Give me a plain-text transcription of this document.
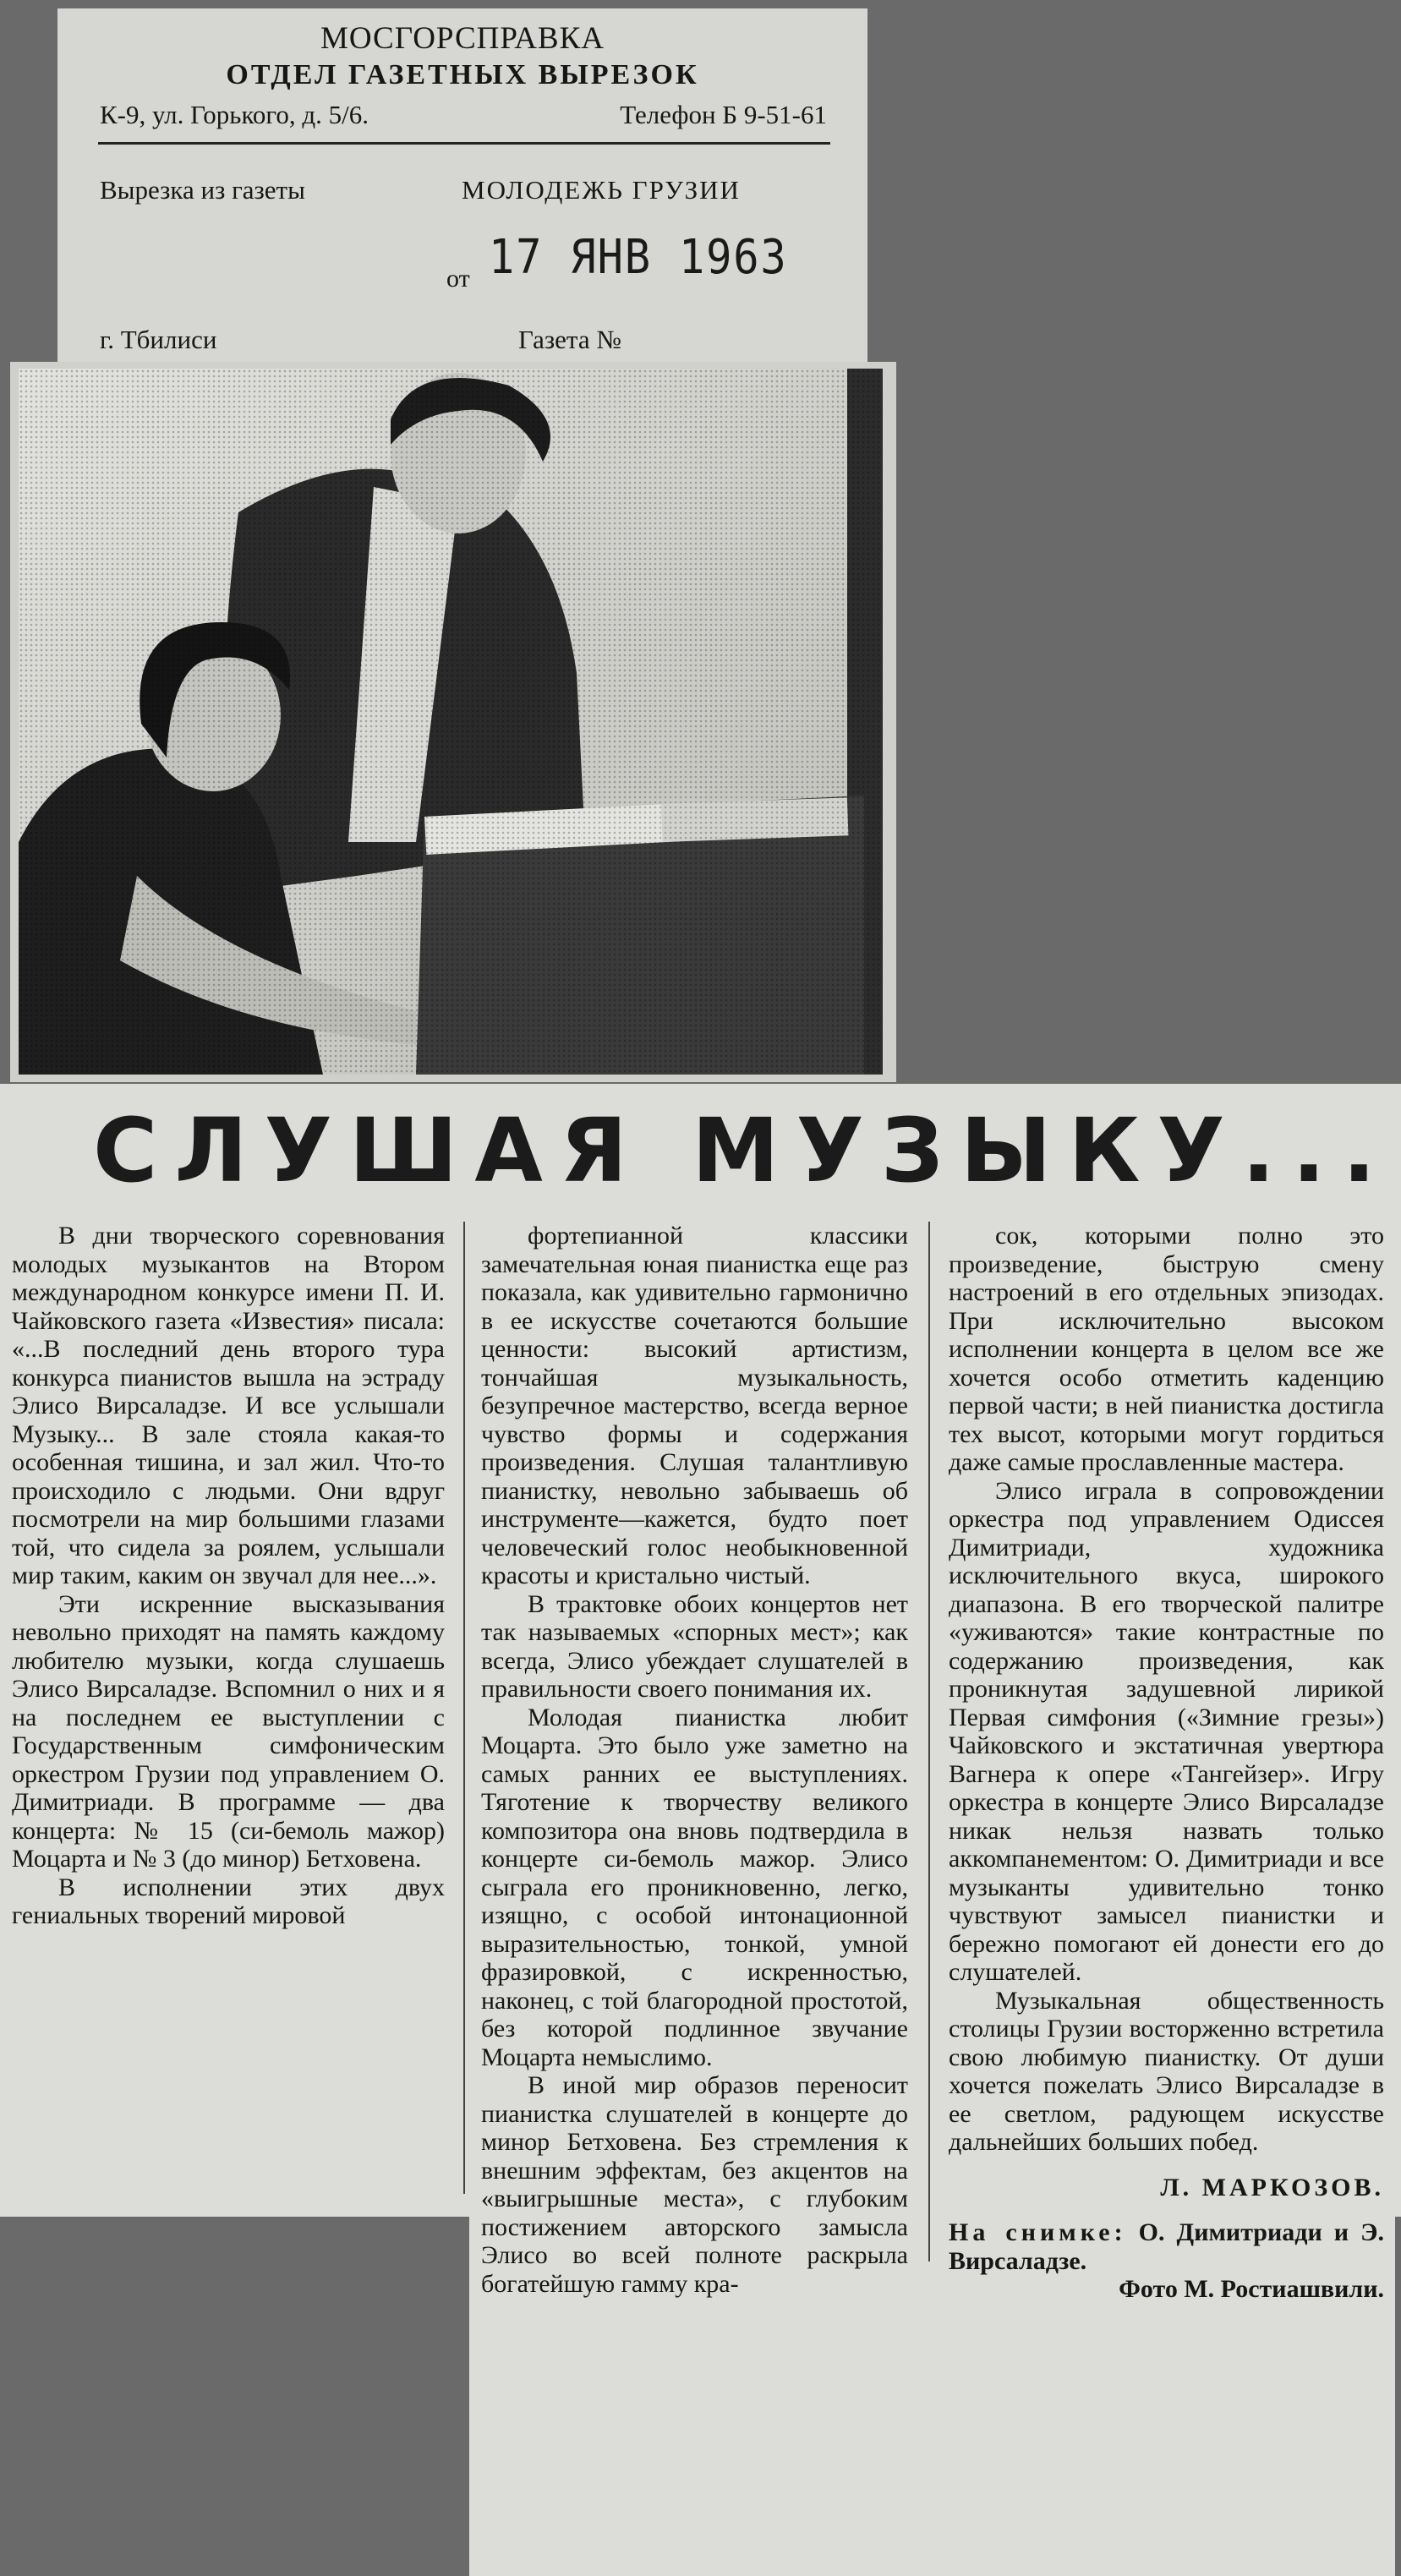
МОСГОРСПРАВКА
ОТДЕЛ ГАЗЕТНЫХ ВЫРЕЗОК
К-9, ул. Горького, д. 5/6.	Телефон Б 9-51-61
Вырезка из газеты	МОЛОДЕЖЬ ГРУЗИИ
от 17 ЯНВ 1963
г. Тбилиси	Газета №
СЛУШАЯ МУЗЫКУ...

В дни творческого соревнования молодых музыкантов на Втором международном конкурсе имени П. И. Чайковского газета «Известия» писала: «...В последний день второго тура конкурса пианистов вышла на эстраду Элисо Вирсаладзе. И все услышали Музыку... В зале стояла какая-то особенная тишина, и зал жил. Что-то происходило с людьми. Они вдруг посмотрели на мир большими глазами той, что сидела за роялем, услышали мир таким, каким он звучал для нее...».

Эти искренние высказывания невольно приходят на память каждому любителю музыки, когда слушаешь Элисо Вирсаладзе. Вспомнил о них и я на последнем ее выступлении с Государственным симфоническим оркестром Грузии под управлением О. Димитриади. В программе — два концерта: № 15 (си-бемоль мажор) Моцарта и № 3 (до минор) Бетховена.

В исполнении этих двух гениальных творений мировой

фортепианной классики замечательная юная пианистка еще раз показала, как удивительно гармонично в ее искусстве сочетаются большие ценности: высокий артистизм, тончайшая музыкальность, безупречное мастерство, всегда верное чувство формы и содержания произведения. Слушая талантливую пианистку, невольно забываешь об инструменте—кажется, будто поет человеческий голос необыкновенной красоты и кристально чистый.

В трактовке обоих концертов нет так называемых «спорных мест»; как всегда, Элисо убеждает слушателей в правильности своего понимания их.

Молодая пианистка любит Моцарта. Это было уже заметно на самых ранних ее выступлениях. Тяготение к творчеству великого композитора она вновь подтвердила в концерте си-бемоль мажор. Элисо сыграла его проникновенно, легко, изящно, с особой интонационной выразительностью, тонкой, умной фразировкой, с искренностью, наконец, с той благородной простотой, без которой подлинное звучание Моцарта немыслимо.

В иной мир образов переносит пианистка слушателей в концерте до минор Бетховена. Без стремления к внешним эффектам, без акцентов на «выигрышные места», с глубоким постижением авторского замысла Элисо во всей полноте раскрыла богатейшую гамму кра-

сок, которыми полно это произведение, быструю смену настроений в его отдельных эпизодах. При исключительно высоком исполнении концерта в целом все же хочется особо отметить каденцию первой части; в ней пианистка достигла тех высот, которыми могут гордиться даже самые прославленные мастера.

Элисо играла в сопровождении оркестра под управлением Одиссея Димитриади, художника исключительного вкуса, широкого диапазона. В его творческой палитре «уживаются» такие контрастные по содержанию произведения, как проникнутая задушевной лирикой Первая симфония («Зимние грезы») Чайковского и экстатичная увертюра Вагнера к опере «Тангейзер». Игру оркестра в концерте Элисо Вирсаладзе никак нельзя назвать только аккомпанементом: О. Димитриади и все музыканты удивительно тонко чувствуют замысел пианистки и бережно помогают ей донести его до слушателей.

Музыкальная общественность столицы Грузии восторженно встретила свою любимую пианистку. От души хочется пожелать Элисо Вирсаладзе в ее светлом, радующем искусстве дальнейших больших побед.

Л. МАРКОЗОВ.

На снимке: О. Димитриади и Э. Вирсаладзе.

Фото М. Ростиашвили.
